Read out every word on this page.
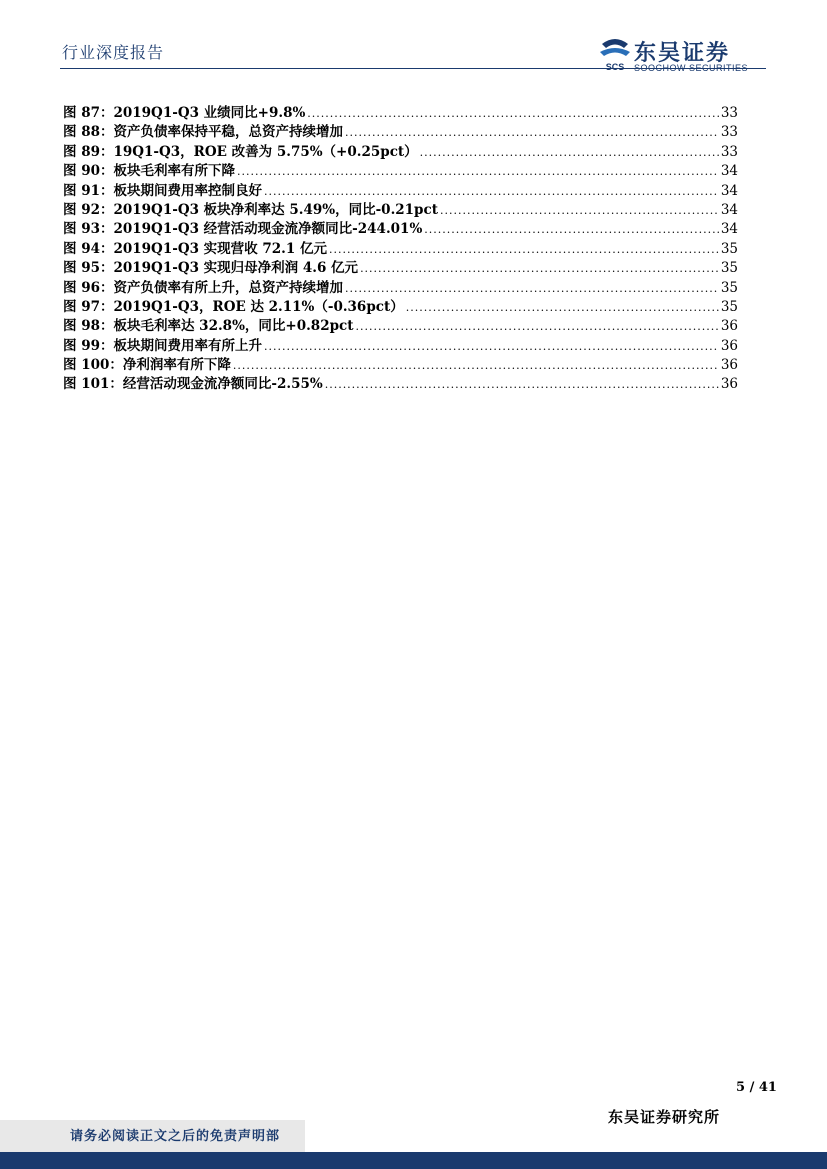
行业深度报告
SCS
东吴证券
SOOCHOW SECURITIES
图 87：2019Q1-Q3 业绩同比+9.8% .....	33
图 88：资产负债率保持平稳，总资产持续增加 .....	33
图 89：19Q1-Q3，ROE 改善为 5.75%（+0.25pct） .....	33
图 90：板块毛利率有所下降 .....	34
图 91：板块期间费用率控制良好 .....	34
图 92：2019Q1-Q3 板块净利率达 5.49%，同比-0.21pct .....	34
图 93：2019Q1-Q3 经营活动现金流净额同比-244.01% .....	34
图 94：2019Q1-Q3 实现营收 72.1 亿元 .....	35
图 95：2019Q1-Q3 实现归母净利润 4.6 亿元 .....	35
图 96：资产负债率有所上升，总资产持续增加 .....	35
图 97：2019Q1-Q3，ROE 达 2.11%（-0.36pct） .....	35
图 98：板块毛利率达 32.8%，同比+0.82pct .....	36
图 99：板块期间费用率有所上升 .....	36
图 100：净利润率有所下降 .....	36
图 101：经营活动现金流净额同比-2.55% .....	36
5 / 41
东吴证券研究所
请务必阅读正文之后的免责声明部
